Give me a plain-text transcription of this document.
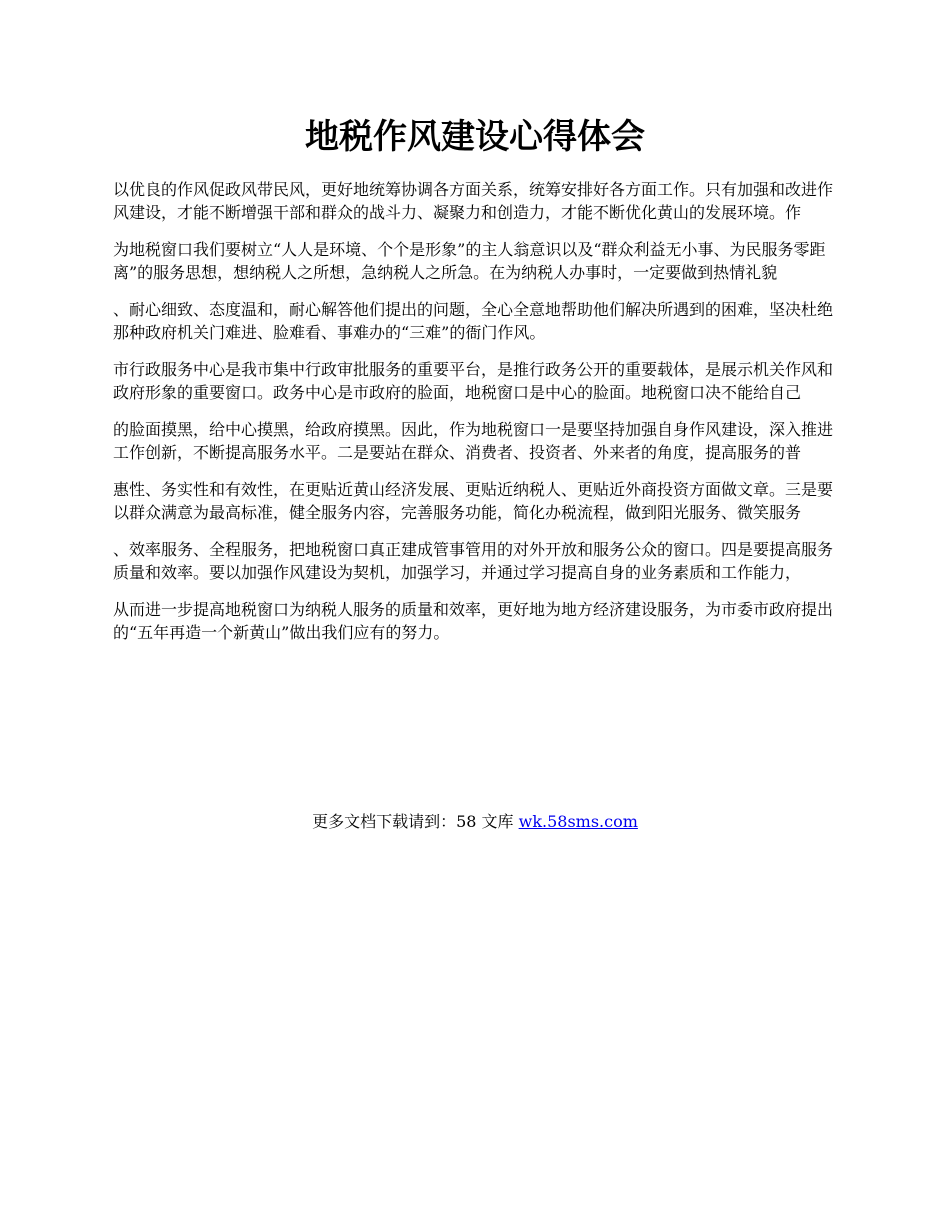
地税作风建设心得体会

以优良的作风促政风带民风，更好地统筹协调各方面关系，统筹安排好各方面工作。只有加强和改进作风建设，才能不断增强干部和群众的战斗力、凝聚力和创造力，才能不断优化黄山的发展环境。作

为地税窗口我们要树立“人人是环境、个个是形象”的主人翁意识以及“群众利益无小事、为民服务零距离”的服务思想，想纳税人之所想，急纳税人之所急。在为纳税人办事时，一定要做到热情礼貌

、耐心细致、态度温和，耐心解答他们提出的问题，全心全意地帮助他们解决所遇到的困难，坚决杜绝那种政府机关门难进、脸难看、事难办的“三难”的衙门作风。

市行政服务中心是我市集中行政审批服务的重要平台，是推行政务公开的重要载体，是展示机关作风和政府形象的重要窗口。政务中心是市政府的脸面，地税窗口是中心的脸面。地税窗口决不能给自己

的脸面摸黑，给中心摸黑，给政府摸黑。因此，作为地税窗口一是要坚持加强自身作风建设，深入推进工作创新，不断提高服务水平。二是要站在群众、消费者、投资者、外来者的角度，提高服务的普

惠性、务实性和有效性，在更贴近黄山经济发展、更贴近纳税人、更贴近外商投资方面做文章。三是要以群众满意为最高标准，健全服务内容，完善服务功能，简化办税流程，做到阳光服务、微笑服务

、效率服务、全程服务，把地税窗口真正建成管事管用的对外开放和服务公众的窗口。四是要提高服务质量和效率。要以加强作风建设为契机，加强学习，并通过学习提高自身的业务素质和工作能力，

从而进一步提高地税窗口为纳税人服务的质量和效率，更好地为地方经济建设服务，为市委市政府提出的“五年再造一个新黄山”做出我们应有的努力。

更多文档下载请到：58 文库 wk.58sms.com
